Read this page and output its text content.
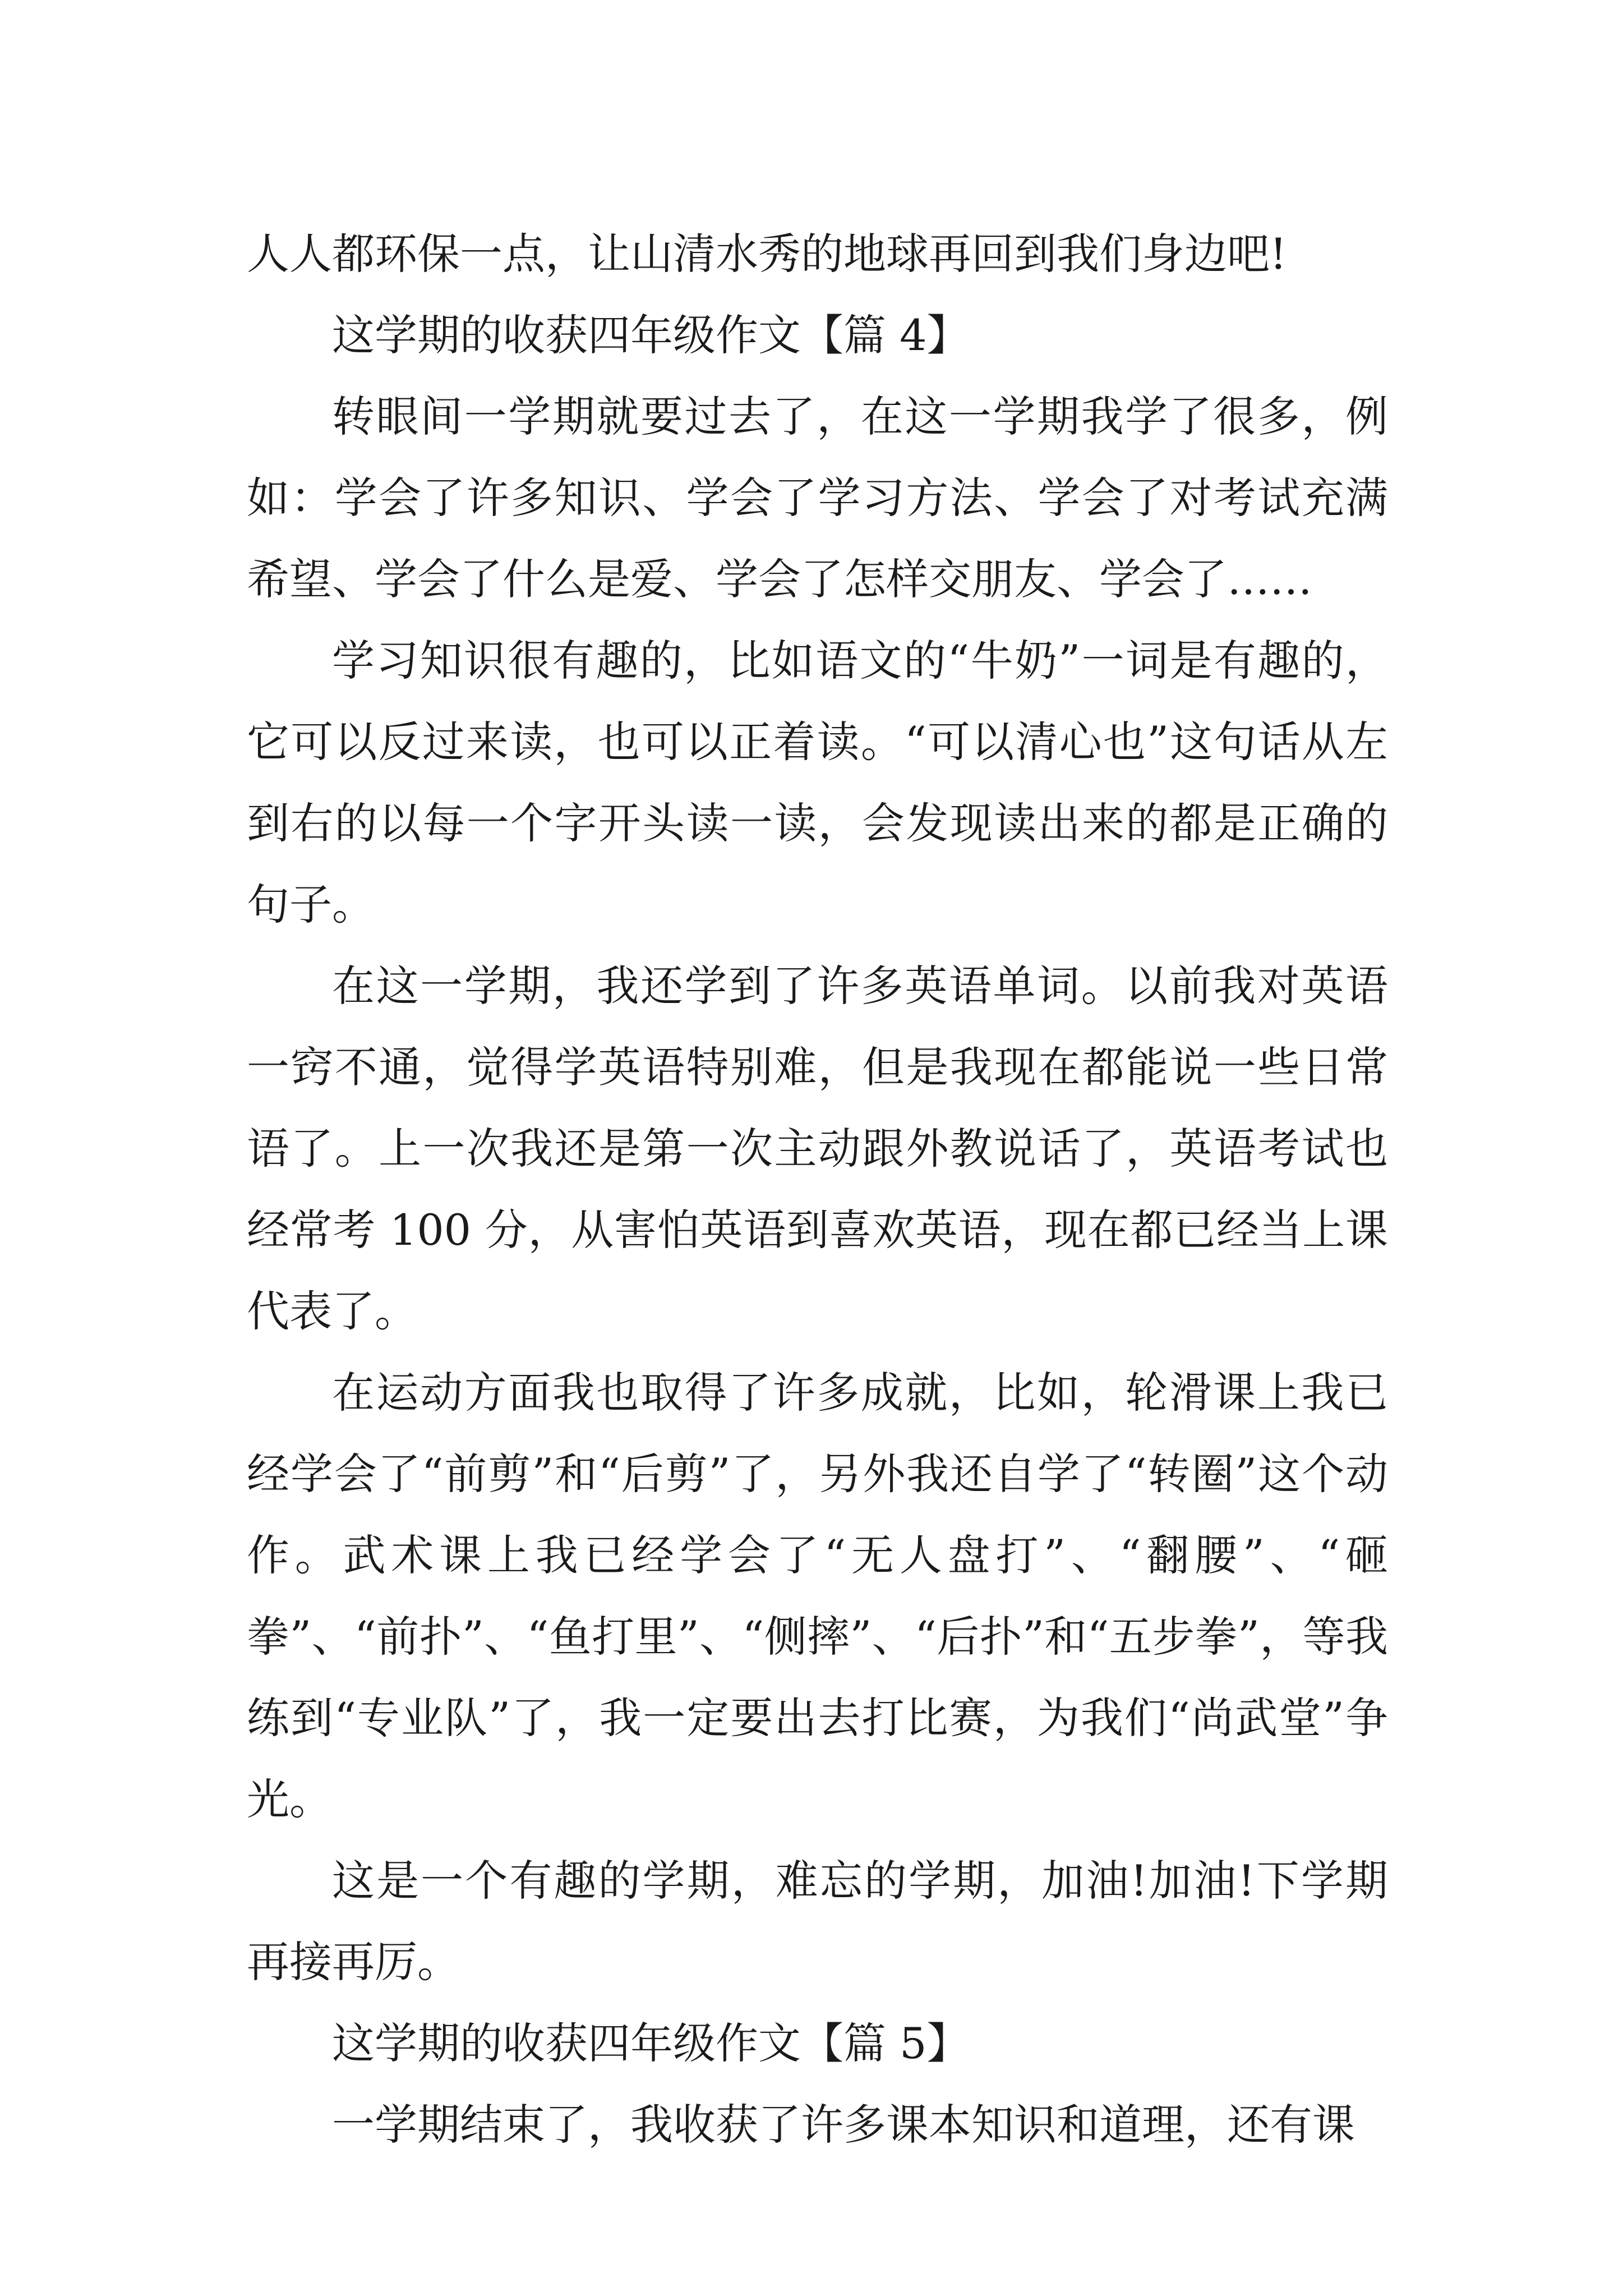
人人都环保一点，让山清水秀的地球再回到我们身边吧!

这学期的收获四年级作文【篇 4】

转眼间一学期就要过去了，在这一学期我学了很多，例如：学会了许多知识、学会了学习方法、学会了对考试充满希望、学会了什么是爱、学会了怎样交朋友、学会了……

学习知识很有趣的，比如语文的“牛奶”一词是有趣的，它可以反过来读，也可以正着读。“可以清心也”这句话从左到右的以每一个字开头读一读，会发现读出来的都是正确的句子。

在这一学期，我还学到了许多英语单词。以前我对英语一窍不通，觉得学英语特别难，但是我现在都能说一些日常语了。上一次我还是第一次主动跟外教说话了，英语考试也经常考 100 分，从害怕英语到喜欢英语，现在都已经当上课代表了。

在运动方面我也取得了许多成就，比如，轮滑课上我已经学会了“前剪”和“后剪”了，另外我还自学了“转圈”这个动作。武术课上我已经学会了“无人盘打”、“翻腰”、“砸拳”、“前扑”、“鱼打里”、“侧摔”、“后扑”和“五步拳”，等我练到“专业队”了，我一定要出去打比赛，为我们“尚武堂”争光。

这是一个有趣的学期，难忘的学期，加油!加油!下学期再接再厉。

这学期的收获四年级作文【篇 5】

一学期结束了，我收获了许多课本知识和道理，还有课
